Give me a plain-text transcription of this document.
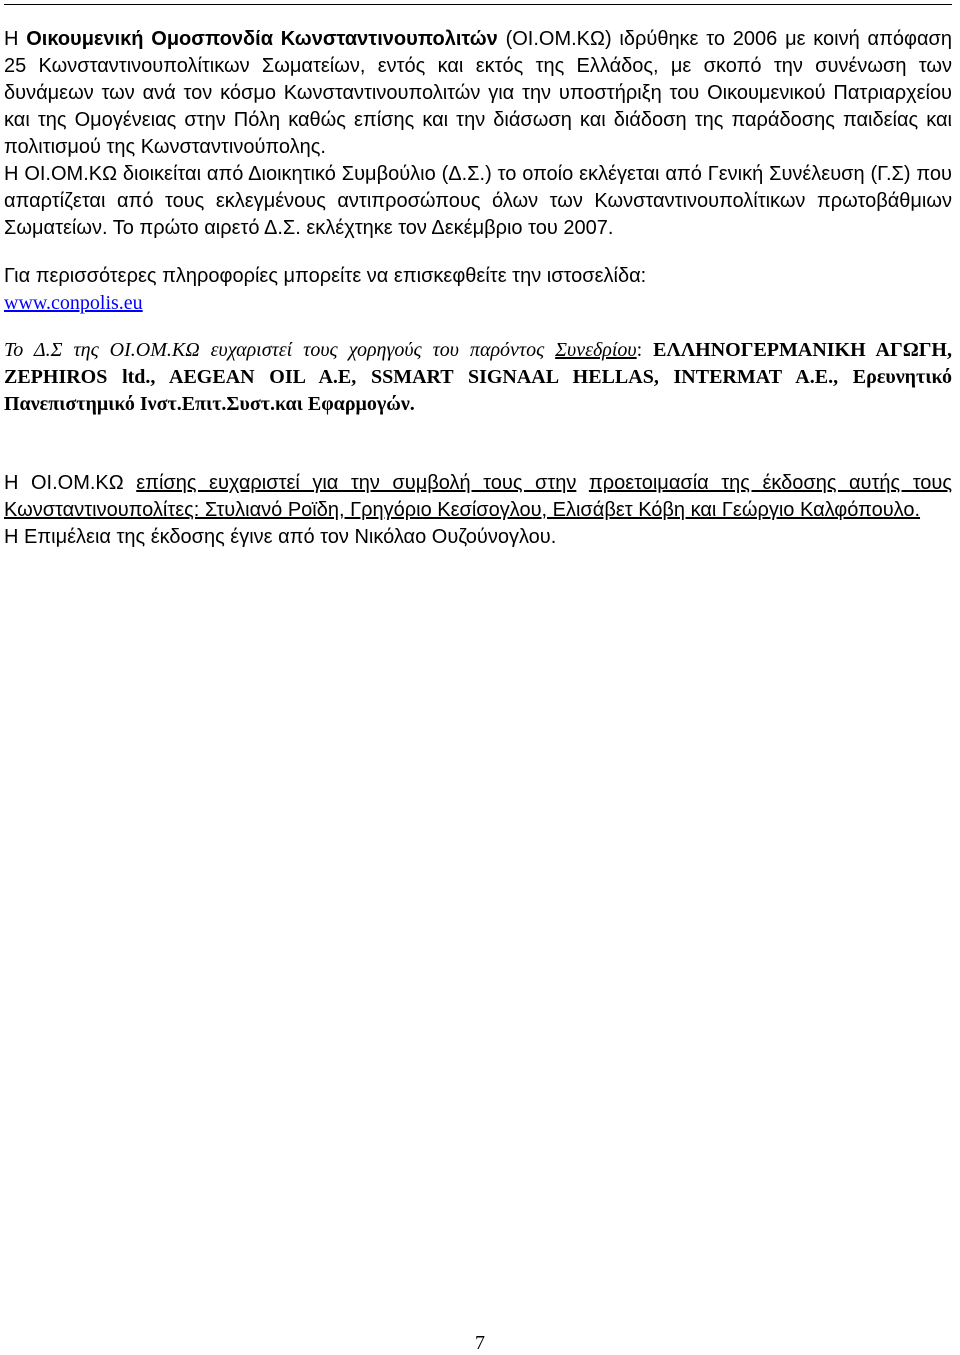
Η Οικουμενική Ομοσπονδία Κωνσταντινουπολιτών (ΟΙ.ΟΜ.ΚΩ) ιδρύθηκε το 2006 με κοινή απόφαση 25 Κωνσταντινουπολίτικων Σωματείων, εντός και εκτός της Ελλάδος, με σκοπό την συνένωση των δυνάμεων των ανά τον κόσμο Κωνσταντινουπολιτών για την υποστήριξη του Οικουμενικού Πατριαρχείου και της Ομογένειας στην Πόλη καθώς επίσης και την διάσωση και διάδοση της παράδοσης παιδείας και πολιτισμού της Κωνσταντινούπολης.

Η ΟΙ.ΟΜ.ΚΩ διοικείται από Διοικητικό Συμβούλιο (Δ.Σ.) το οποίο εκλέγεται από Γενική Συνέλευση (Γ.Σ) που απαρτίζεται από τους εκλεγμένους αντιπροσώπους όλων των Κωνσταντινουπολίτικων πρωτοβάθμιων Σωματείων. Το πρώτο αιρετό Δ.Σ. εκλέχτηκε τον Δεκέμβριο του 2007.

Για περισσότερες πληροφορίες μπορείτε να επισκεφθείτε την ιστοσελίδα:

www.conpolis.eu

Το Δ.Σ της ΟΙ.ΟΜ.ΚΩ ευχαριστεί τους χορηγούς του παρόντος Συνεδρίου: ΕΛΛΗΝΟΓΕΡΜΑΝΙΚΗ ΑΓΩΓΗ, ZEPHIROS ltd., AEGEAN OIL A.E, SSMART SIGNAAL HELLAS, INTERMAT A.E., Ερευνητικό Πανεπιστημικό Ινστ.Επιτ.Συστ.και Εφαρμογών.

Η ΟΙ.ΟΜ.ΚΩ επίσης ευχαριστεί για την συμβολή τους στην προετοιμασία της έκδοσης αυτής τους Κωνσταντινουπολίτες: Στυλιανό Ροϊδη, Γρηγόριο Κεσίσογλου, Ελισάβετ Κόβη και Γεώργιο Καλφόπουλο.

Η Επιμέλεια της έκδοσης έγινε από τον Νικόλαο Ουζούνογλου.

7
